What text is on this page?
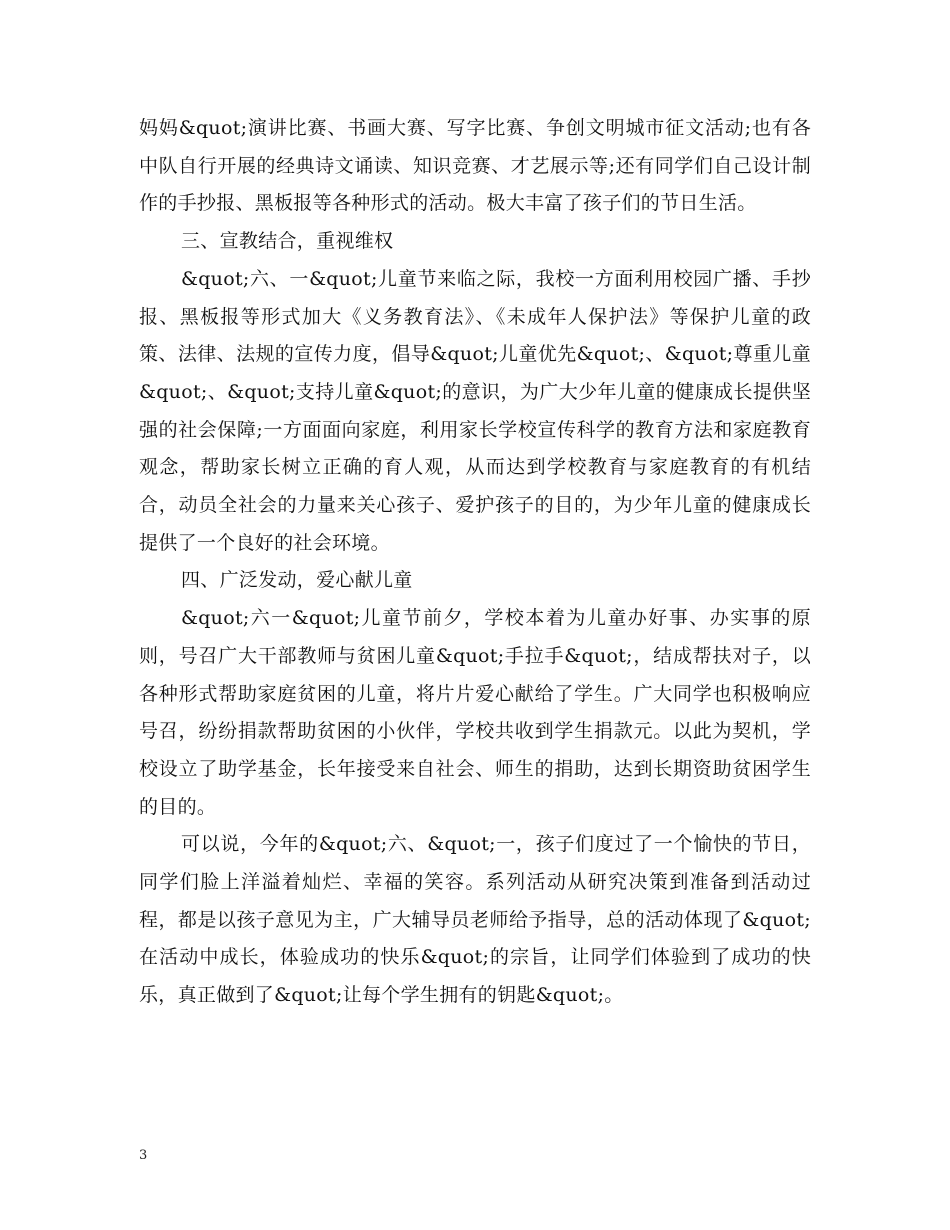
妈妈&quot;演讲比赛、书画大赛、写字比赛、争创文明城市征文活动;也有各中队自行开展的经典诗文诵读、知识竞赛、才艺展示等;还有同学们自己设计制作的手抄报、黑板报等各种形式的活动。极大丰富了孩子们的节日生活。

三、宣教结合，重视维权

&quot;六、一&quot;儿童节来临之际，我校一方面利用校园广播、手抄报、黑板报等形式加大《义务教育法》、《未成年人保护法》等保护儿童的政策、法律、法规的宣传力度，倡导&quot;儿童优先&quot;、&quot;尊重儿童&quot;、&quot;支持儿童&quot;的意识，为广大少年儿童的健康成长提供坚强的社会保障;一方面面向家庭，利用家长学校宣传科学的教育方法和家庭教育观念，帮助家长树立正确的育人观，从而达到学校教育与家庭教育的有机结合，动员全社会的力量来关心孩子、爱护孩子的目的，为少年儿童的健康成长提供了一个良好的社会环境。

四、广泛发动，爱心献儿童

&quot;六一&quot;儿童节前夕，学校本着为儿童办好事、办实事的原则，号召广大干部教师与贫困儿童&quot;手拉手&quot;，结成帮扶对子，以各种形式帮助家庭贫困的儿童，将片片爱心献给了学生。广大同学也积极响应号召，纷纷捐款帮助贫困的小伙伴，学校共收到学生捐款元。以此为契机，学校设立了助学基金，长年接受来自社会、师生的捐助，达到长期资助贫困学生的目的。

可以说，今年的&quot;六、&quot;一，孩子们度过了一个愉快的节日，同学们脸上洋溢着灿烂、幸福的笑容。系列活动从研究决策到准备到活动过程，都是以孩子意见为主，广大辅导员老师给予指导，总的活动体现了&quot;在活动中成长，体验成功的快乐&quot;的宗旨，让同学们体验到了成功的快乐，真正做到了&quot;让每个学生拥有的钥匙&quot;。

3
